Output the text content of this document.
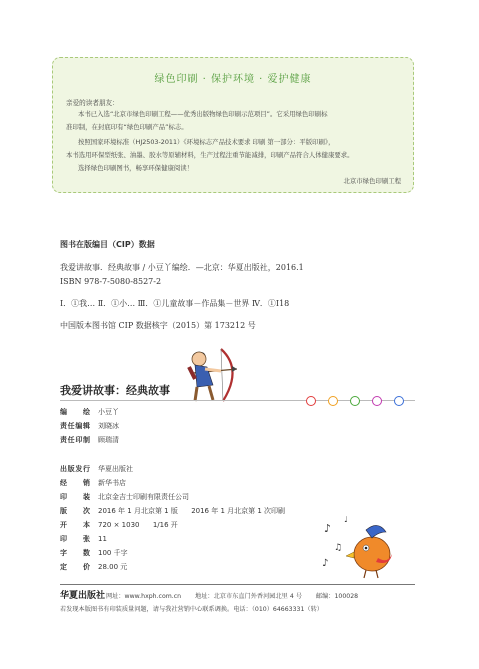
绿色印刷 · 保护环境 · 爱护健康
亲爱的读者朋友：
本书已入选“北京市绿色印刷工程——优秀出版物绿色印刷示范项目”。它采用绿色印刷标
准印制，在封底印有“绿色印刷产品”标志。
按照国家环境标准（HJ2503-2011）《环境标志产品技术要求 印刷 第一部分：平版印刷》，
本书选用环保型纸张、油墨、胶水等原辅材料，生产过程注重节能减排，印刷产品符合人体健康要求。
选择绿色印刷图书，畅享环保健康阅读！
北京市绿色印刷工程
图书在版编目（CIP）数据
我爱讲故事．经典故事 / 小豆丫编绘．—北京：华夏出版社，2016.1
ISBN 978-7-5080-8527-2
Ⅰ．①我… Ⅱ．①小… Ⅲ．①儿童故事－作品集－世界 Ⅳ．①I18
中国版本图书馆 CIP 数据核字（2015）第 173212 号
我爱讲故事：经典故事
编绘 小豆丫
责任编辑 刘晓冰
责任印制 顾瑞清
出版发行 华夏出版社
经销 新华书店
印装 北京金吉士印刷有限责任公司
版次 2016 年 1 月北京第 1 版      2016 年 1 月北京第 1 次印刷
开本 720 × 1030      1/16 开
印张 11
字数 100 千字
定价 28.00 元
♪
♫
♪
♩
华夏出版社 网址：www.hxph.com.cn 地址：北京市东直门外香河园北里 4 号 邮编：100028
若发现本版图书有印装质量问题，请与我社营销中心联系调换。电话：（010）64663331（转）
